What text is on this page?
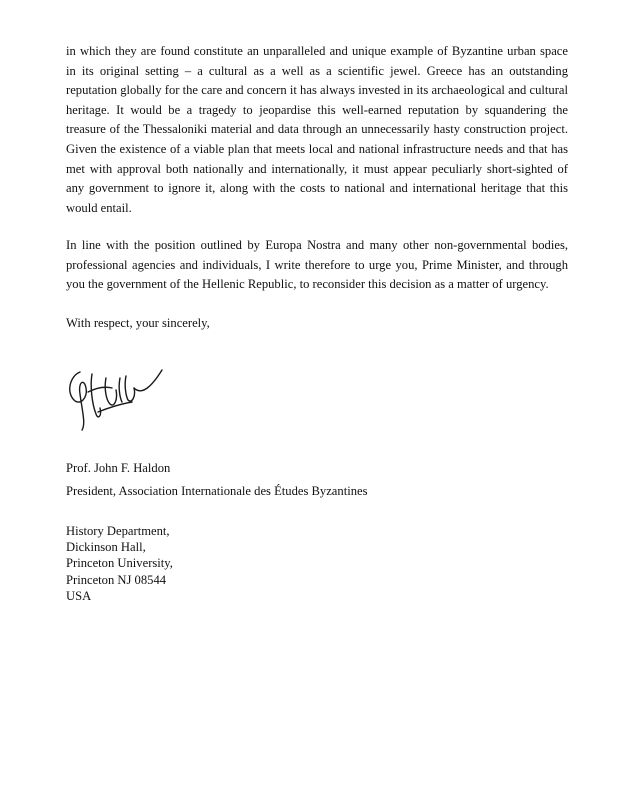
in which they are found constitute an unparalleled and unique example of Byzantine urban space
in its original setting – a cultural as a well as a scientific jewel. Greece has an outstanding
reputation globally for the care and concern it has always invested in its archaeological and cultural
heritage. It would be a tragedy to jeopardise this well-earned reputation by squandering the
treasure of the Thessaloniki material and data through an unnecessarily hasty construction project.
Given the existence of a viable plan that meets local and national infrastructure needs and that has
met with approval both nationally and internationally, it must appear peculiarly short-sighted of
any government to ignore it, along with the costs to national and international heritage that this
would entail.

In line with the position outlined by Europa Nostra and many other non-governmental bodies,
professional agencies and individuals, I write therefore to urge you, Prime Minister, and through
you the government of the Hellenic Republic, to reconsider this decision as a matter of urgency.

With respect, your sincerely,

Prof. John F. Haldon

President, Association Internationale des Études Byzantines

History Department,
Dickinson Hall,
Princeton University,
Princeton NJ 08544
USA
